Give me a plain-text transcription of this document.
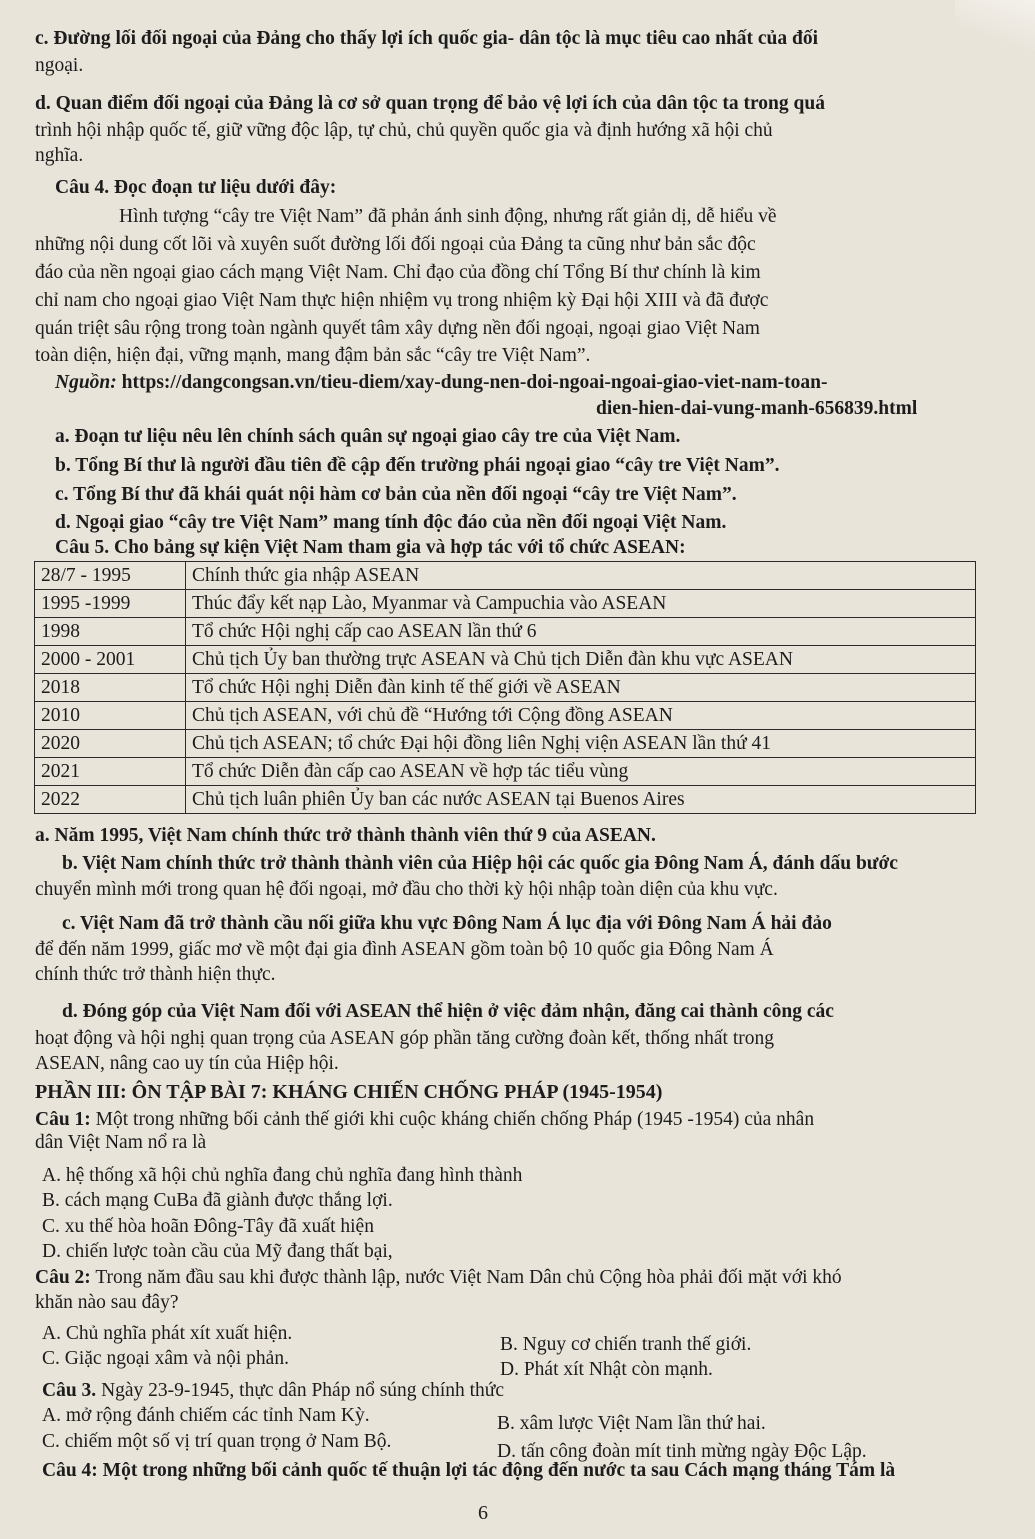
c. Đường lối đối ngoại của Đảng cho thấy lợi ích quốc gia- dân tộc là mục tiêu cao nhất của đối
ngoại.
d. Quan điểm đối ngoại của Đảng là cơ sở quan trọng để bảo vệ lợi ích của dân tộc ta trong quá
trình hội nhập quốc tế, giữ vững độc lập, tự chủ, chủ quyền quốc gia và định hướng xã hội chủ
nghĩa.
Câu 4. Đọc đoạn tư liệu dưới đây:
Hình tượng “cây tre Việt Nam” đã phản ánh sinh động, nhưng rất giản dị, dễ hiểu về
những nội dung cốt lõi và xuyên suốt đường lối đối ngoại của Đảng ta cũng như bản sắc độc
đáo của nền ngoại giao cách mạng Việt Nam. Chỉ đạo của đồng chí Tổng Bí thư chính là kim
chỉ nam cho ngoại giao Việt Nam thực hiện nhiệm vụ trong nhiệm kỳ Đại hội XIII và đã được
quán triệt sâu rộng trong toàn ngành quyết tâm xây dựng nền đối ngoại, ngoại giao Việt Nam
toàn diện, hiện đại, vững mạnh, mang đậm bản sắc “cây tre Việt Nam”.
Nguồn: https://dangcongsan.vn/tieu-diem/xay-dung-nen-doi-ngoai-ngoai-giao-viet-nam-toan-
dien-hien-dai-vung-manh-656839.html
a. Đoạn tư liệu nêu lên chính sách quân sự ngoại giao cây tre của Việt Nam.
b. Tổng Bí thư là người đầu tiên đề cập đến trường phái ngoại giao “cây tre Việt Nam”.
c. Tổng Bí thư đã khái quát nội hàm cơ bản của nền đối ngoại “cây tre Việt Nam”.
d. Ngoại giao “cây tre Việt Nam” mang tính độc đáo của nền đối ngoại Việt Nam.
Câu 5. Cho bảng sự kiện Việt Nam tham gia và hợp tác với tổ chức ASEAN:
28/7 - 1995	Chính thức gia nhập ASEAN
1995 -1999	Thúc đẩy kết nạp Lào, Myanmar và Campuchia vào ASEAN
1998	Tổ chức Hội nghị cấp cao ASEAN lần thứ 6
2000 - 2001	Chủ tịch Ủy ban thường trực ASEAN và Chủ tịch Diễn đàn khu vực ASEAN
2018	Tổ chức Hội nghị Diễn đàn kinh tế thế giới về ASEAN
2010	Chủ tịch ASEAN, với chủ đề “Hướng tới Cộng đồng ASEAN
2020	Chủ tịch ASEAN; tổ chức Đại hội đồng liên Nghị viện ASEAN lần thứ 41
2021	Tổ chức Diễn đàn cấp cao ASEAN về hợp tác tiểu vùng
2022	Chủ tịch luân phiên Ủy ban các nước ASEAN tại Buenos Aires
a. Năm 1995, Việt Nam chính thức trở thành thành viên thứ 9 của ASEAN.
b. Việt Nam chính thức trở thành thành viên của Hiệp hội các quốc gia Đông Nam Á, đánh dấu bước
chuyển mình mới trong quan hệ đối ngoại, mở đầu cho thời kỳ hội nhập toàn diện của khu vực.
c. Việt Nam đã trở thành cầu nối giữa khu vực Đông Nam Á lục địa với Đông Nam Á hải đảo
để đến năm 1999, giấc mơ về một đại gia đình ASEAN gồm toàn bộ 10 quốc gia Đông Nam Á
chính thức trở thành hiện thực.
d. Đóng góp của Việt Nam đối với ASEAN thể hiện ở việc đảm nhận, đăng cai thành công các
hoạt động và hội nghị quan trọng của ASEAN góp phần tăng cường đoàn kết, thống nhất trong
ASEAN, nâng cao uy tín của Hiệp hội.
PHẦN III: ÔN TẬP BÀI 7: KHÁNG CHIẾN CHỐNG PHÁP (1945-1954)
Câu 1: Một trong những bối cảnh thế giới khi cuộc kháng chiến chống Pháp (1945 -1954) của nhân
dân Việt Nam nổ ra là
A. hệ thống xã hội chủ nghĩa đang chủ nghĩa đang hình thành
B. cách mạng CuBa đã giành được thắng lợi.
C. xu thế hòa hoãn Đông-Tây đã xuất hiện
D. chiến lược toàn cầu của Mỹ đang thất bại,
Câu 2: Trong năm đầu sau khi được thành lập, nước Việt Nam Dân chủ Cộng hòa phải đối mặt với khó
khăn nào sau đây?
A. Chủ nghĩa phát xít xuất hiện.
B. Nguy cơ chiến tranh thế giới.
C. Giặc ngoại xâm và nội phản.
D. Phát xít Nhật còn mạnh.
Câu 3. Ngày 23-9-1945, thực dân Pháp nổ súng chính thức
A. mở rộng đánh chiếm các tỉnh Nam Kỳ.	B. xâm lược Việt Nam lần thứ hai.
C. chiếm một số vị trí quan trọng ở Nam Bộ.	D. tấn công đoàn mít tinh mừng ngày Độc Lập.
Câu 4: Một trong những bối cảnh quốc tế thuận lợi tác động đến nước ta sau Cách mạng tháng Tám là
6
